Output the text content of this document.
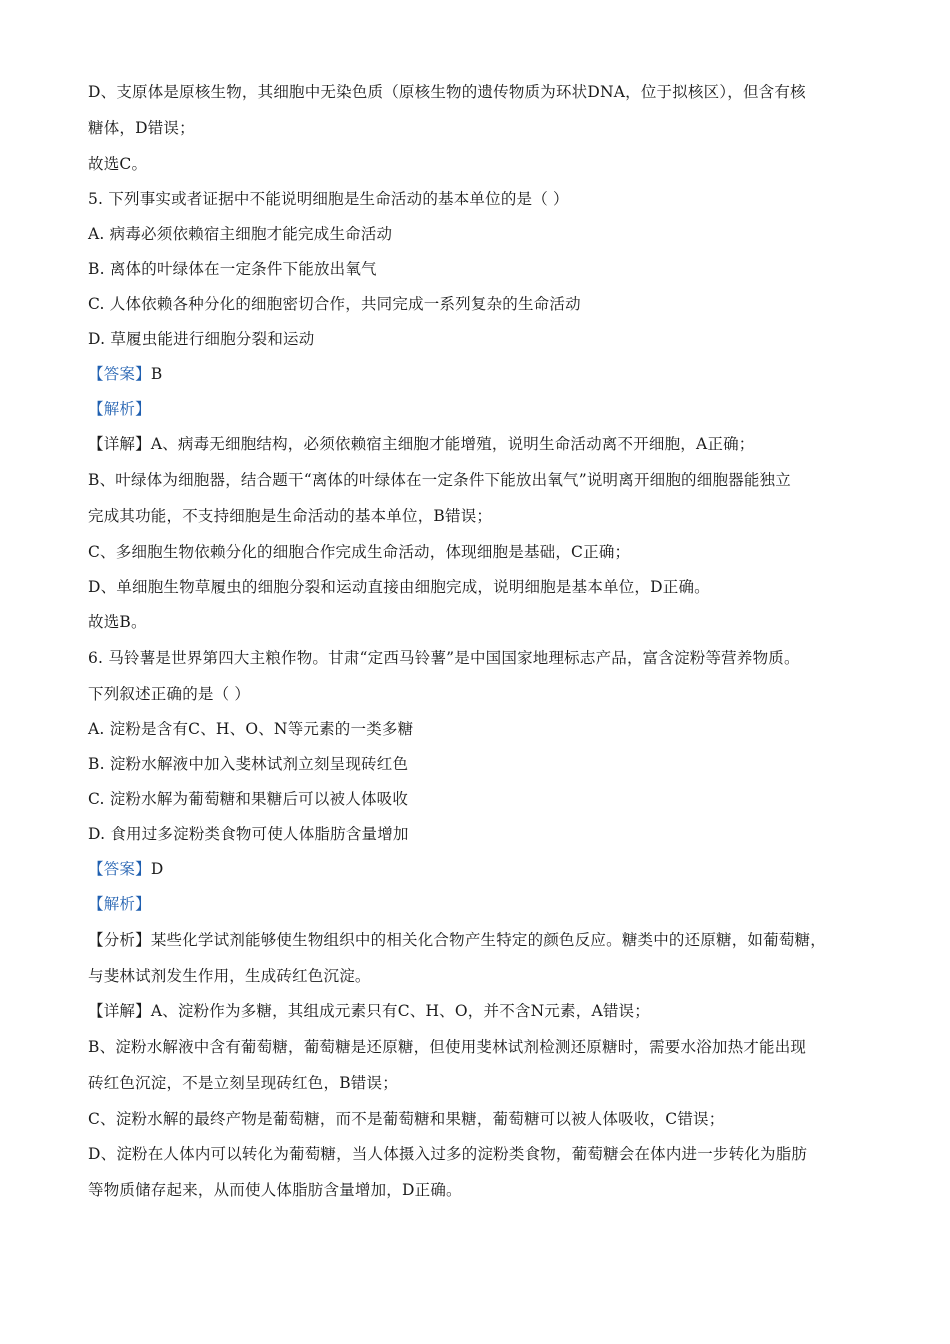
D、支原体是原核生物，其细胞中无染色质（原核生物的遗传物质为环状DNA，位于拟核区），但含有核
糖体，D错误；
故选C。
5. 下列事实或者证据中不能说明细胞是生命活动的基本单位的是（ ）
A. 病毒必须依赖宿主细胞才能完成生命活动
B. 离体的叶绿体在一定条件下能放出氧气
C. 人体依赖各种分化的细胞密切合作，共同完成一系列复杂的生命活动
D. 草履虫能进行细胞分裂和运动
【答案】B
【解析】
【详解】A、病毒无细胞结构，必须依赖宿主细胞才能增殖，说明生命活动离不开细胞，A正确；
B、叶绿体为细胞器，结合题干“离体的叶绿体在一定条件下能放出氧气”说明离开细胞的细胞器能独立
完成其功能，不支持细胞是生命活动的基本单位，B错误；
C、多细胞生物依赖分化的细胞合作完成生命活动，体现细胞是基础，C正确；
D、单细胞生物草履虫的细胞分裂和运动直接由细胞完成，说明细胞是基本单位，D正确。
故选B。
6. 马铃薯是世界第四大主粮作物。甘肃“定西马铃薯”是中国国家地理标志产品，富含淀粉等营养物质。
下列叙述正确的是（ ）
A. 淀粉是含有C、H、O、N等元素的一类多糖
B. 淀粉水解液中加入斐林试剂立刻呈现砖红色
C. 淀粉水解为葡萄糖和果糖后可以被人体吸收
D. 食用过多淀粉类食物可使人体脂肪含量增加
【答案】D
【解析】
【分析】某些化学试剂能够使生物组织中的相关化合物产生特定的颜色反应。糖类中的还原糖，如葡萄糖，
与斐林试剂发生作用，生成砖红色沉淀。
【详解】A、淀粉作为多糖，其组成元素只有C、H、O，并不含N元素，A错误；
B、淀粉水解液中含有葡萄糖，葡萄糖是还原糖，但使用斐林试剂检测还原糖时，需要水浴加热才能出现
砖红色沉淀，不是立刻呈现砖红色，B错误；
C、淀粉水解的最终产物是葡萄糖，而不是葡萄糖和果糖，葡萄糖可以被人体吸收，C错误；
D、淀粉在人体内可以转化为葡萄糖，当人体摄入过多的淀粉类食物，葡萄糖会在体内进一步转化为脂肪
等物质储存起来，从而使人体脂肪含量增加，D正确。
